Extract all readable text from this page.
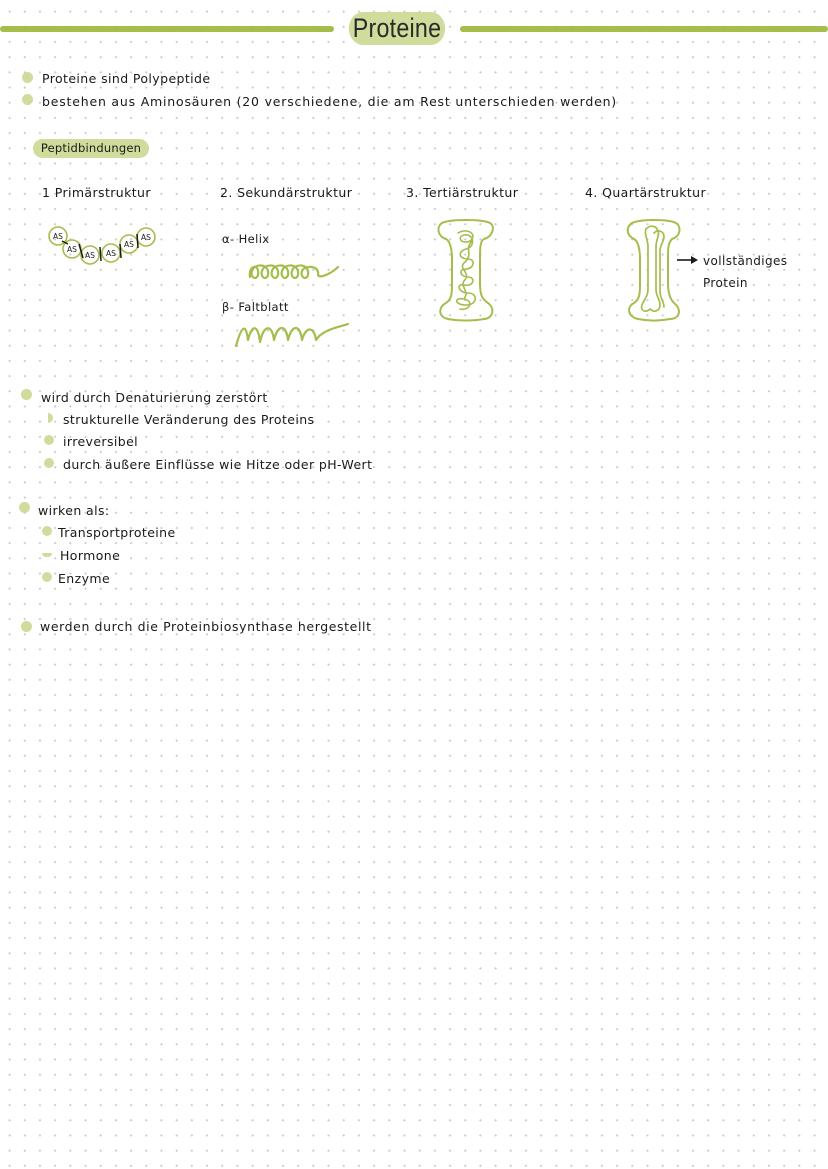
Proteine
Proteine sind Polypeptide
bestehen aus Aminosäuren (20 verschiedene, die am Rest unterschieden werden)
Peptidbindungen
1 Primärstruktur	2. Sekundärstruktur	3. Tertiärstruktur	4. Quartärstruktur
AS
AS
AS AS
AS
AS	α- Helix
β- Faltblatt
vollständiges
Protein
wird durch Denaturierung zerstört
strukturelle Veränderung des Proteins
irreversibel
durch äußere Einflüsse wie Hitze oder pH-Wert
wirken als:
Transportproteine
Hormone
Enzyme
werden durch die Proteinbiosynthase hergestellt
